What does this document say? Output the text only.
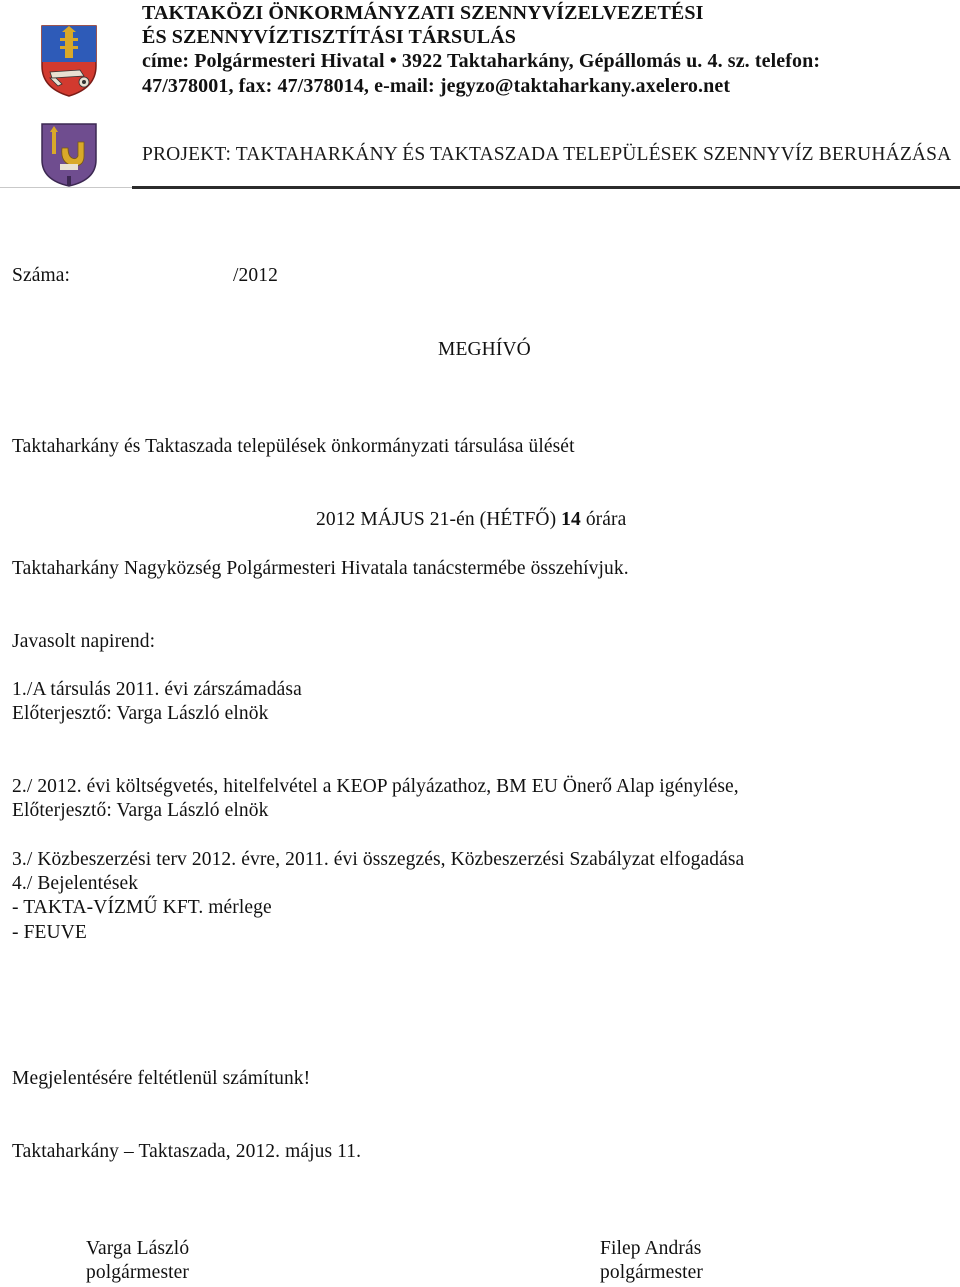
TAKTAKÖZI ÖNKORMÁNYZATI SZENNYVÍZELVEZETÉSI
ÉS SZENNYVÍZTISZTÍTÁSI TÁRSULÁS
címe: Polgármesteri Hivatal • 3922 Taktaharkány, Gépállomás u. 4. sz. telefon:
47/378001, fax: 47/378014, e-mail: jegyzo@taktaharkany.axelero.net
PROJEKT: TAKTAHARKÁNY ÉS TAKTASZADA TELEPÜLÉSEK SZENNYVÍZ BERUHÁZÁSA
Száma:	/2012
MEGHÍVÓ
Taktaharkány és Taktaszada települések önkormányzati társulása ülését
2012 MÁJUS 21-én (HÉTFŐ) 14 órára
Taktaharkány Nagyközség Polgármesteri Hivatala tanácstermébe összehívjuk.
Javasolt napirend:
1./A társulás 2011. évi zárszámadása
Előterjesztő: Varga László elnök
2./ 2012. évi költségvetés, hitelfelvétel a KEOP pályázathoz, BM EU Önerő Alap igénylése,
Előterjesztő: Varga László elnök
3./ Közbeszerzési terv 2012. évre, 2011. évi összegzés, Közbeszerzési Szabályzat elfogadása
4./ Bejelentések
- TAKTA-VÍZMŰ KFT. mérlege
- FEUVE
Megjelentésére feltétlenül számítunk!
Taktaharkány – Taktaszada, 2012. május 11.
Varga László
polgármester
Filep András
polgármester
